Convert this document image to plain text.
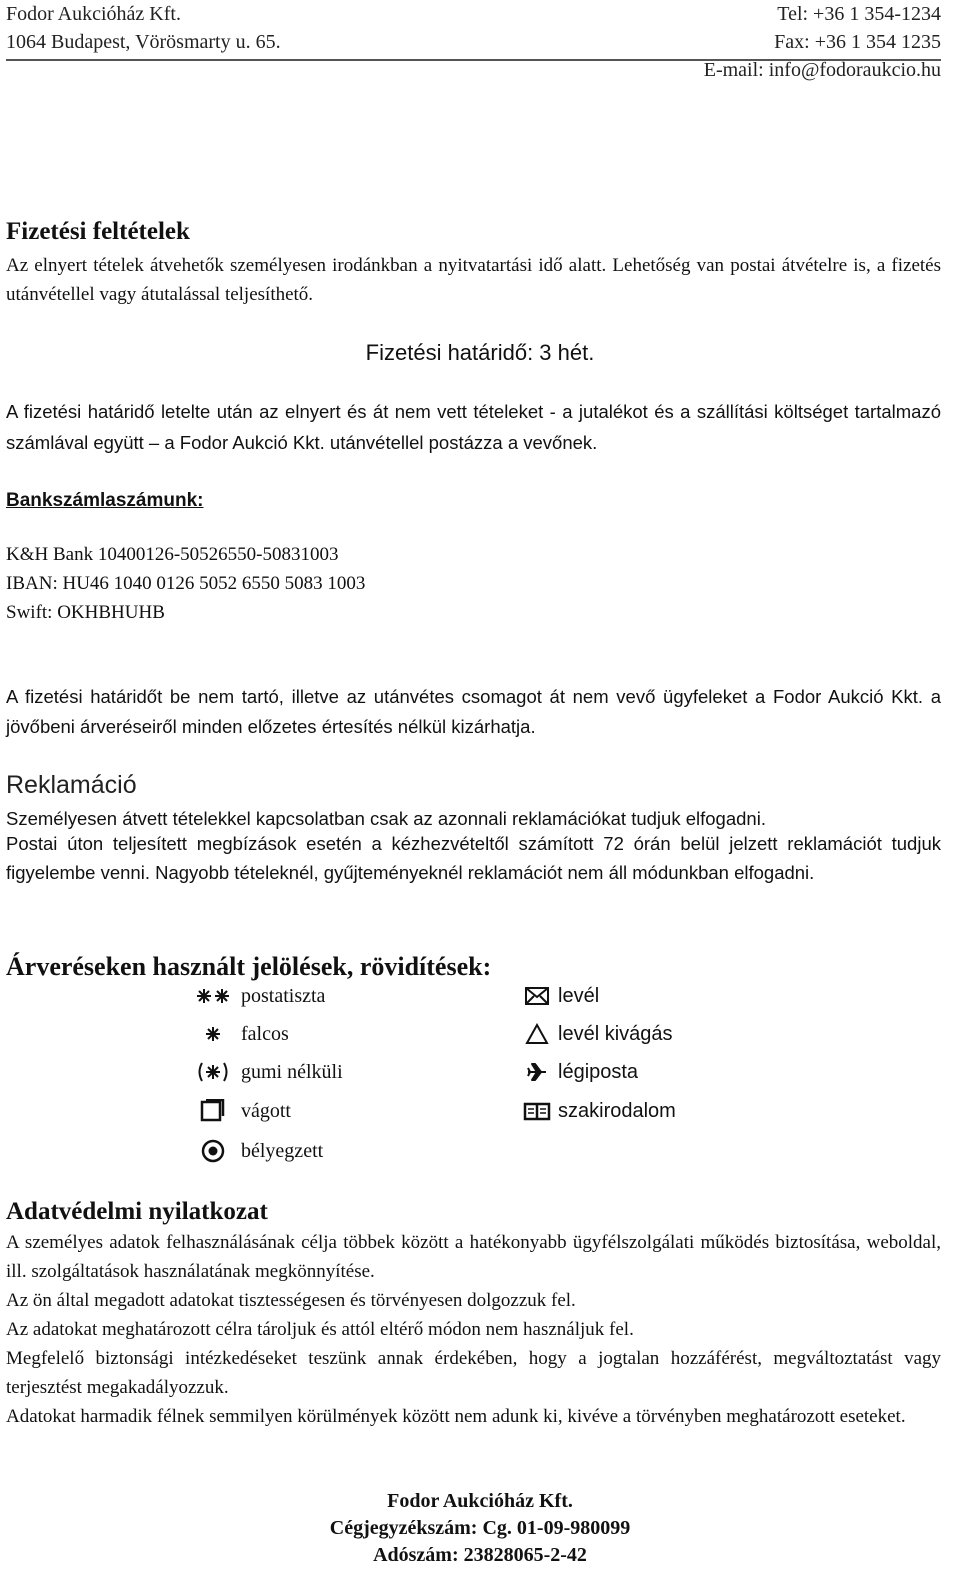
Fodor Aukcióház Kft.
1064 Budapest, Vörösmarty u. 65.
Tel: +36 1 354-1234
Fax: +36 1 354 1235
E-mail: info@fodoraukcio.hu
Fizetési feltételek
Az elnyert tételek átvehetők személyesen irodánkban a nyitvatartási idő alatt. Lehetőség van postai átvételre is, a fizetés utánvétellel vagy átutalással teljesíthető.
Fizetési határidő: 3 hét.
A fizetési határidő letelte után az elnyert és át nem vett tételeket - a jutalékot és a szállítási költséget tartalmazó számlával együtt – a Fodor Aukció Kkt. utánvétellel postázza a vevőnek.
Bankszámlaszámunk:
K&H Bank 10400126-50526550-50831003
IBAN: HU46 1040 0126 5052 6550 5083 1003
Swift: OKHBHUHB
A fizetési határidőt be nem tartó, illetve az utánvétes csomagot át nem vevő ügyfeleket a Fodor Aukció Kkt. a jövőbeni árveréseiről minden előzetes értesítés nélkül kizárhatja.
Reklamáció
Személyesen átvett tételekkel kapcsolatban csak az azonnali reklamációkat tudjuk elfogadni.
Postai úton teljesített megbízások esetén a kézhezvételtől számított 72 órán belül jelzett reklamációt tudjuk figyelembe venni. Nagyobb tételeknél, gyűjteményeknél reklamációt nem áll módunkban elfogadni.
Árveréseken használt jelölések, rövidítések:
postatiszta
falcos
gumi nélküli
vágott
bélyegzett
levél
levél kivágás
légiposta
szakirodalom
Adatvédelmi nyilatkozat
A személyes adatok felhasználásának célja többek között a hatékonyabb ügyfélszolgálati működés biztosítása, weboldal, ill. szolgáltatások használatának megkönnyítése.
Az ön által megadott adatokat tisztességesen és törvényesen dolgozzuk fel.
Az adatokat meghatározott célra tároljuk és attól eltérő módon nem használjuk fel.
Megfelelő biztonsági intézkedéseket teszünk annak érdekében, hogy a jogtalan hozzáférést, megváltoztatást vagy terjesztést megakadályozzuk.
Adatokat harmadik félnek semmilyen körülmények között nem adunk ki, kivéve a törvényben meghatározott eseteket.
Fodor Aukcióház Kft.
Cégjegyzékszám: Cg. 01-09-980099
Adószám: 23828065-2-42
